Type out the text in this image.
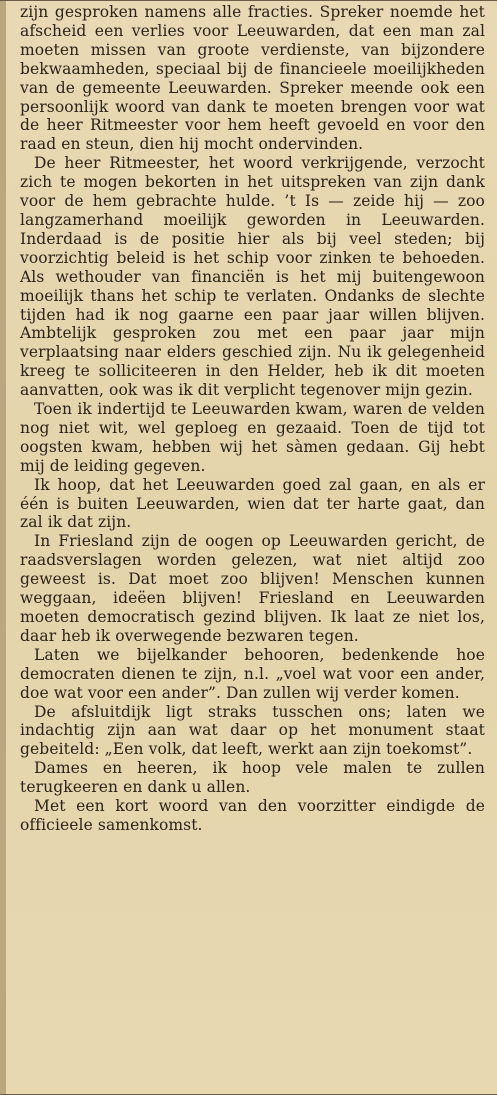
zijn gesproken namens alle fracties. Spreker noemde het afscheid een verlies voor Leeuwarden, dat een man zal moeten missen van groote verdienste, van bijzondere bekwaamheden, speciaal bij de financieele moeilijkheden van de gemeente Leeuwarden. Spreker meende ook een persoonlijk woord van dank te moeten brengen voor wat de heer Ritmeester voor hem heeft gevoeld en voor den raad en steun, dien hij mocht ondervinden.

De heer Ritmeester, het woord verkrijgende, verzocht zich te mogen bekorten in het uitspreken van zijn dank voor de hem gebrachte hulde. ’t Is — zeide hij — zoo langzamerhand moeilijk geworden in Leeuwarden. Inderdaad is de positie hier als bij veel steden; bij voorzichtig beleid is het schip voor zinken te behoeden. Als wethouder van financiën is het mij buitengewoon moeilijk thans het schip te verlaten. Ondanks de slechte tijden had ik nog gaarne een paar jaar willen blijven. Ambtelijk gesproken zou met een paar jaar mijn verplaatsing naar elders geschied zijn. Nu ik gelegenheid kreeg te solliciteeren in den Helder, heb ik dit moeten aanvatten, ook was ik dit verplicht tegenover mijn gezin.

Toen ik indertijd te Leeuwarden kwam, waren de velden nog niet wit, wel geploeg en gezaaid. Toen de tijd tot oogsten kwam, hebben wij het sàmen gedaan. Gij hebt mij de leiding gegeven.

Ik hoop, dat het Leeuwarden goed zal gaan, en als er één is buiten Leeuwarden, wien dat ter harte gaat, dan zal ik dat zijn.

In Friesland zijn de oogen op Leeuwarden gericht, de raadsverslagen worden gelezen, wat niet altijd zoo geweest is. Dat moet zoo blijven! Menschen kunnen weggaan, ideëen blijven! Friesland en Leeuwarden moeten democratisch gezind blijven. Ik laat ze niet los, daar heb ik overwegende bezwaren tegen.

Laten we bijelkander behooren, bedenkende hoe democraten dienen te zijn, n.l. „voel wat voor een ander, doe wat voor een ander”. Dan zullen wij verder komen.

De afsluitdijk ligt straks tusschen ons; laten we indachtig zijn aan wat daar op het monument staat gebeiteld: „Een volk, dat leeft, werkt aan zijn toekomst”.

Dames en heeren, ik hoop vele malen te zullen terugkeeren en dank u allen.

Met een kort woord van den voorzitter eindigde de officieele samenkomst.
